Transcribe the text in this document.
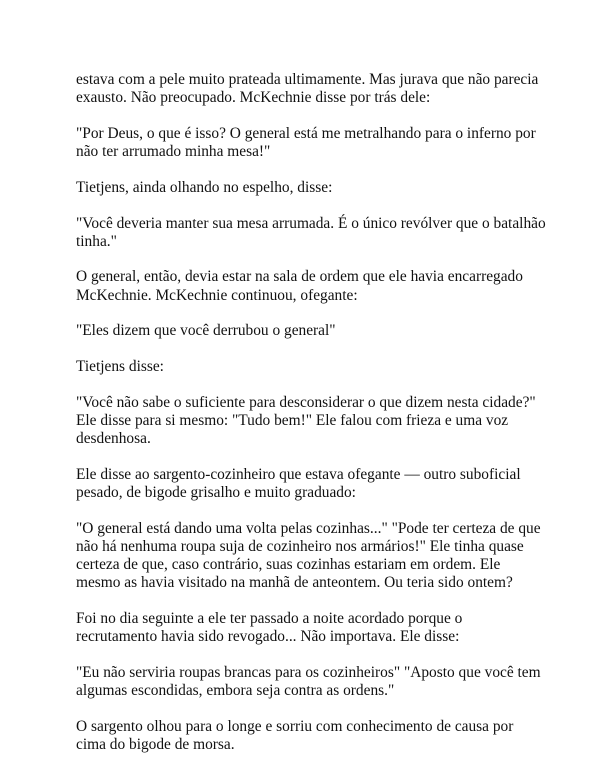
estava com a pele muito prateada ultimamente. Mas jurava que não parecia exausto. Não preocupado. McKechnie disse por trás dele:

"Por Deus, o que é isso? O general está me metralhando para o inferno por não ter arrumado minha mesa!"

Tietjens, ainda olhando no espelho, disse:

"Você deveria manter sua mesa arrumada. É o único revólver que o batalhão tinha."

O general, então, devia estar na sala de ordem que ele havia encarregado McKechnie. McKechnie continuou, ofegante:

"Eles dizem que você derrubou o general"

Tietjens disse:

"Você não sabe o suficiente para desconsiderar o que dizem nesta cidade?" Ele disse para si mesmo: "Tudo bem!" Ele falou com frieza e uma voz desdenhosa.

Ele disse ao sargento-cozinheiro que estava ofegante — outro suboficial pesado, de bigode grisalho e muito graduado:

"O general está dando uma volta pelas cozinhas..." "Pode ter certeza de que não há nenhuma roupa suja de cozinheiro nos armários!" Ele tinha quase certeza de que, caso contrário, suas cozinhas estariam em ordem. Ele mesmo as havia visitado na manhã de anteontem. Ou teria sido ontem?

Foi no dia seguinte a ele ter passado a noite acordado porque o recrutamento havia sido revogado... Não importava. Ele disse:

"Eu não serviria roupas brancas para os cozinheiros" "Aposto que você tem algumas escondidas, embora seja contra as ordens."

O sargento olhou para o longe e sorriu com conhecimento de causa por cima do bigode de morsa.
